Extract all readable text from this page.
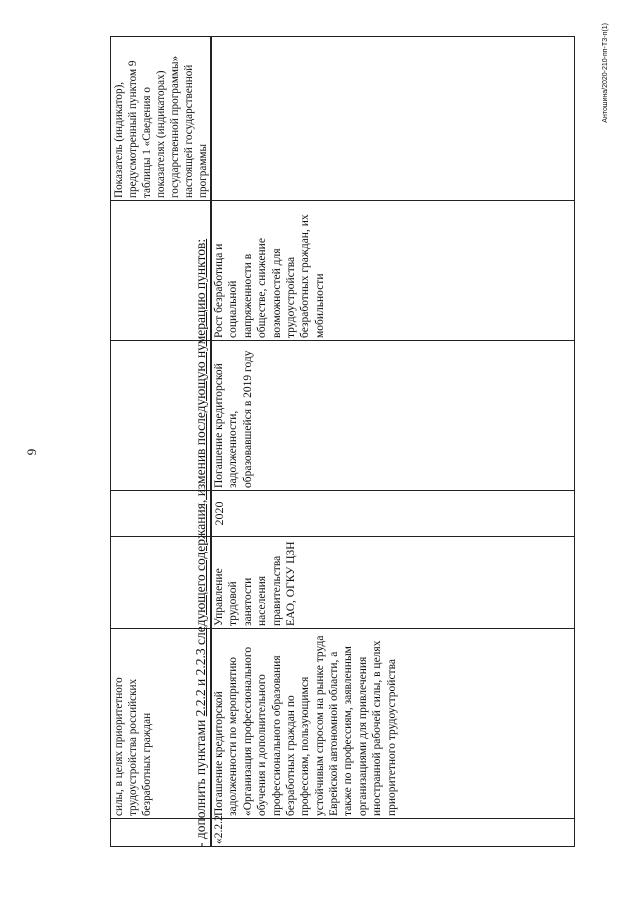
9
	силы, в целях приоритетного трудоустройства российских безработных граждан					Показатель (индикатор), предусмотренный пунктом 9 таблицы 1 «Сведения о показателях (индикаторах) государственной программы» настоящей государственной программы
- дополнить пунктами 2.2.2 и 2.2.3 следующего содержания, изменив последующую нумерацию пунктов:
«2.2.2	Погашение кредиторской задолженности по мероприятию «Организация профессионального обучения и дополнительного профессионального образования безработных граждан по профессиям, пользующимся устойчивым спросом на рынке труда Еврейской автономной области, а также по профессиям, заявленным организациями для привлечения иностранной рабочей силы, в целях приоритетного трудоустройства	Управление трудовой занятости населения правительства ЕАО, ОГКУ ЦЗН	2020	Погашение кредиторской задолженности, образовавшейся в 2019 году	Рост безработица и социальной напряженности в обществе, снижение возможностей для трудоустройства безработных граждан, их мобильности	
Антошина/2020-210-пп-ТЗ-п(1)
